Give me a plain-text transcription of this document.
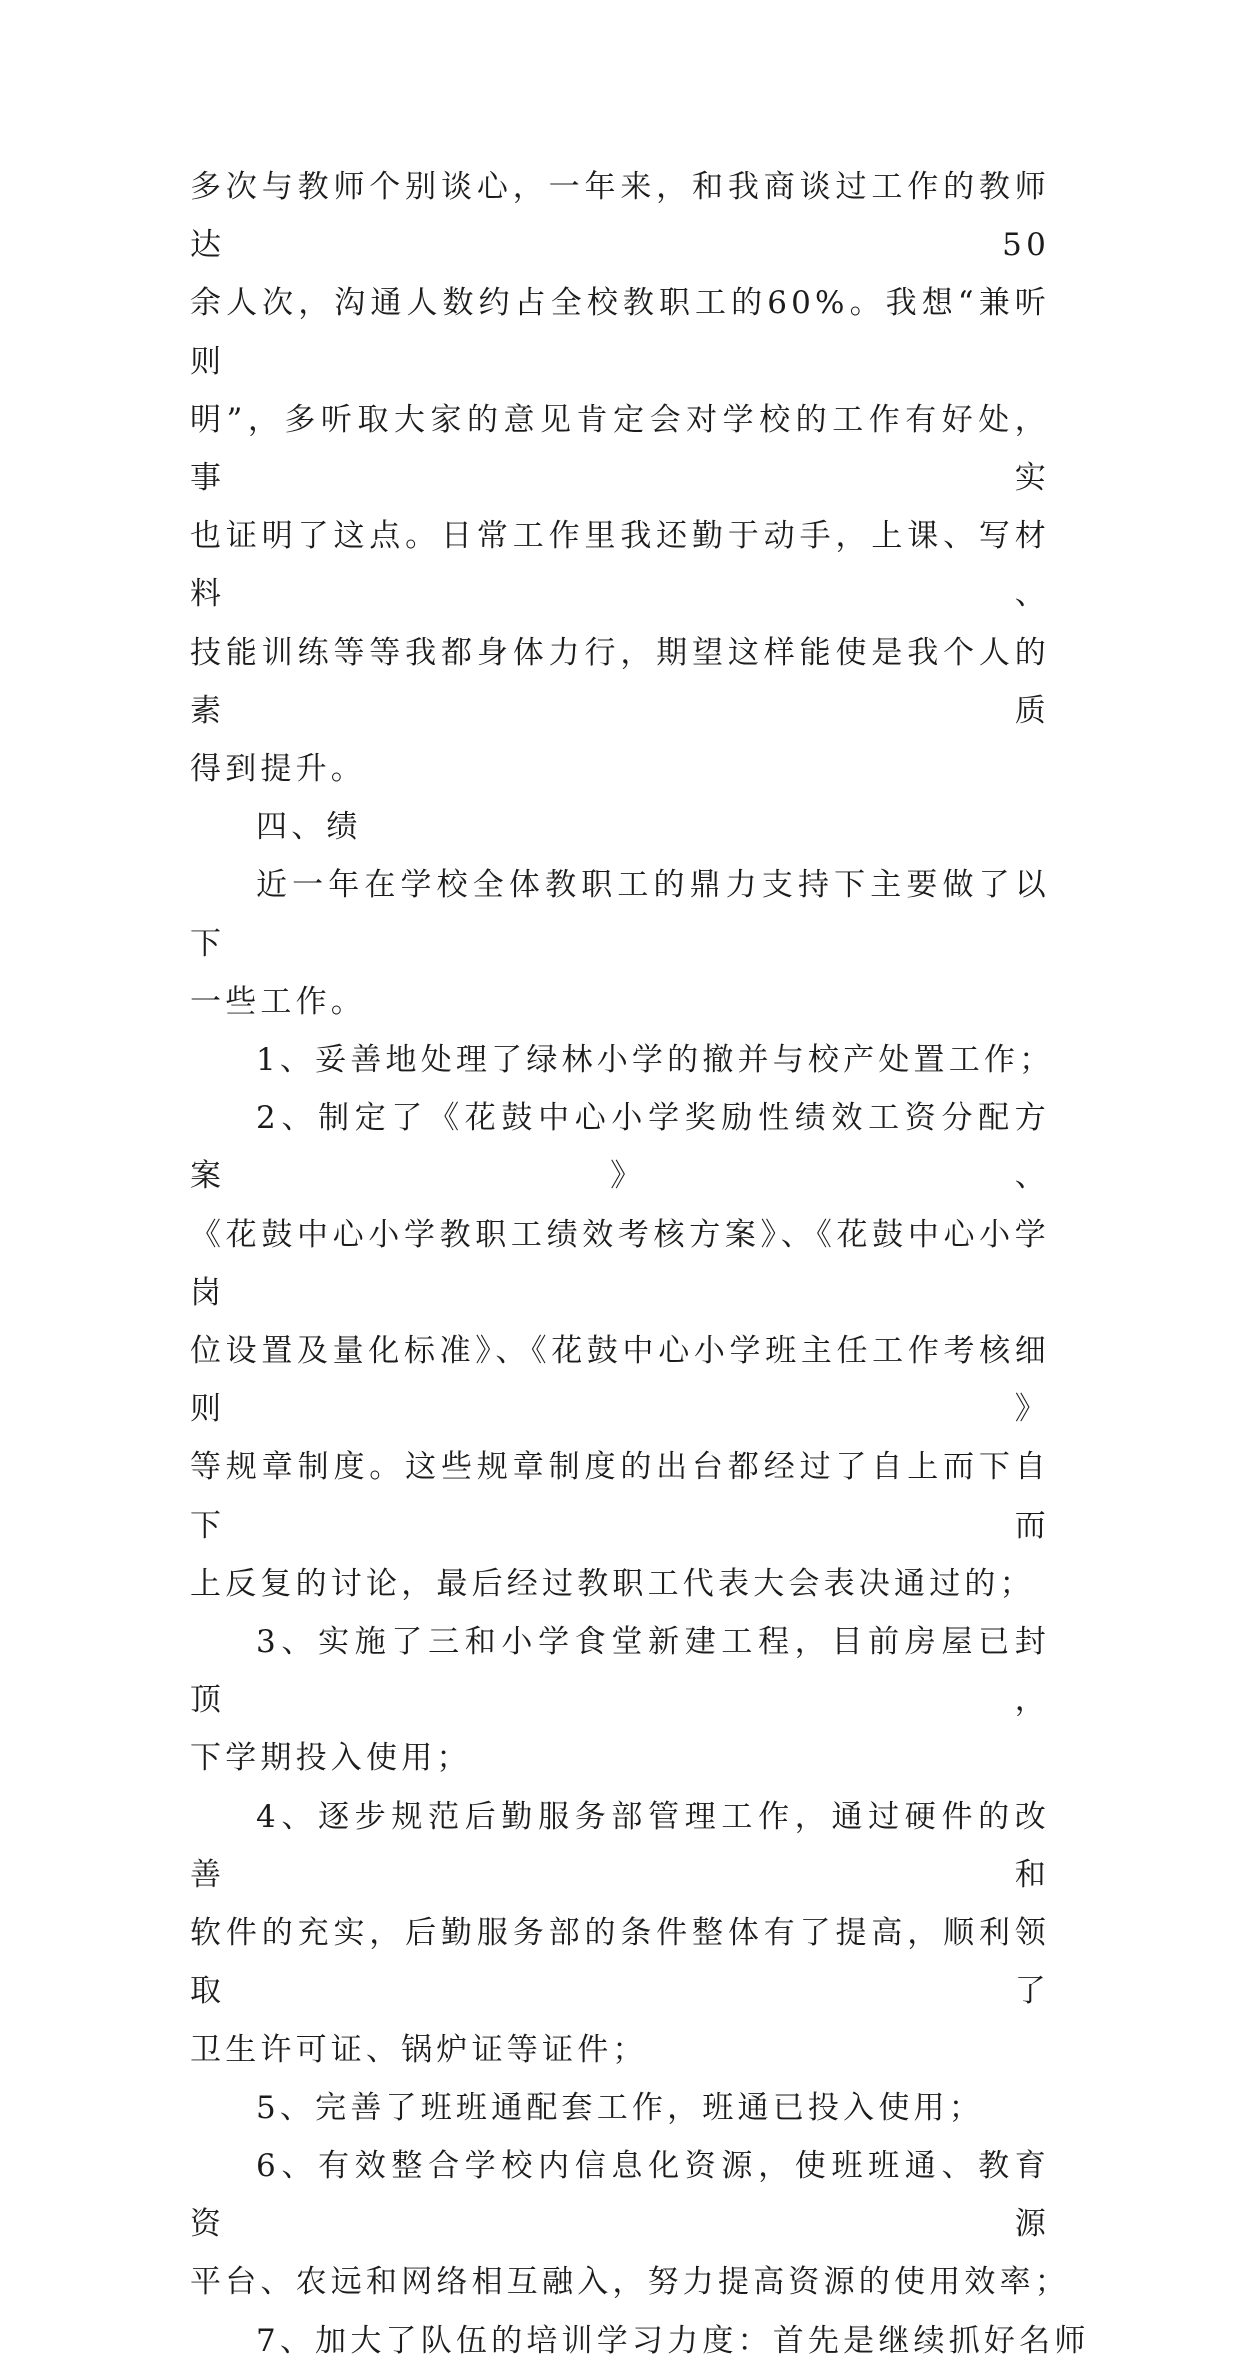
多次与教师个别谈心，一年来，和我商谈过工作的教师达50
余人次，沟通人数约占全校教职工的60%。我想“兼听则
明”，多听取大家的意见肯定会对学校的工作有好处，事实
也证明了这点。日常工作里我还勤于动手，上课、写材料、
技能训练等等我都身体力行，期望这样能使是我个人的素质
得到提升。
四、绩
近一年在学校全体教职工的鼎力支持下主要做了以下
一些工作。
1、妥善地处理了绿林小学的撤并与校产处置工作；
2、制定了《花鼓中心小学奖励性绩效工资分配方案》、
《花鼓中心小学教职工绩效考核方案》、《花鼓中心小学岗
位设置及量化标准》、《花鼓中心小学班主任工作考核细则》
等规章制度。这些规章制度的出台都经过了自上而下自下而
上反复的讨论，最后经过教职工代表大会表决通过的；
3、实施了三和小学食堂新建工程，目前房屋已封顶，
下学期投入使用；
4、逐步规范后勤服务部管理工作，通过硬件的改善和
软件的充实，后勤服务部的条件整体有了提高，顺利领取了
卫生许可证、锅炉证等证件；
5、完善了班班通配套工作，班通已投入使用；
6、有效整合学校内信息化资源，使班班通、教育资源
平台、农远和网络相互融入，努力提高资源的使用效率；
7、加大了队伍的培训学习力度：首先是继续抓好名师
